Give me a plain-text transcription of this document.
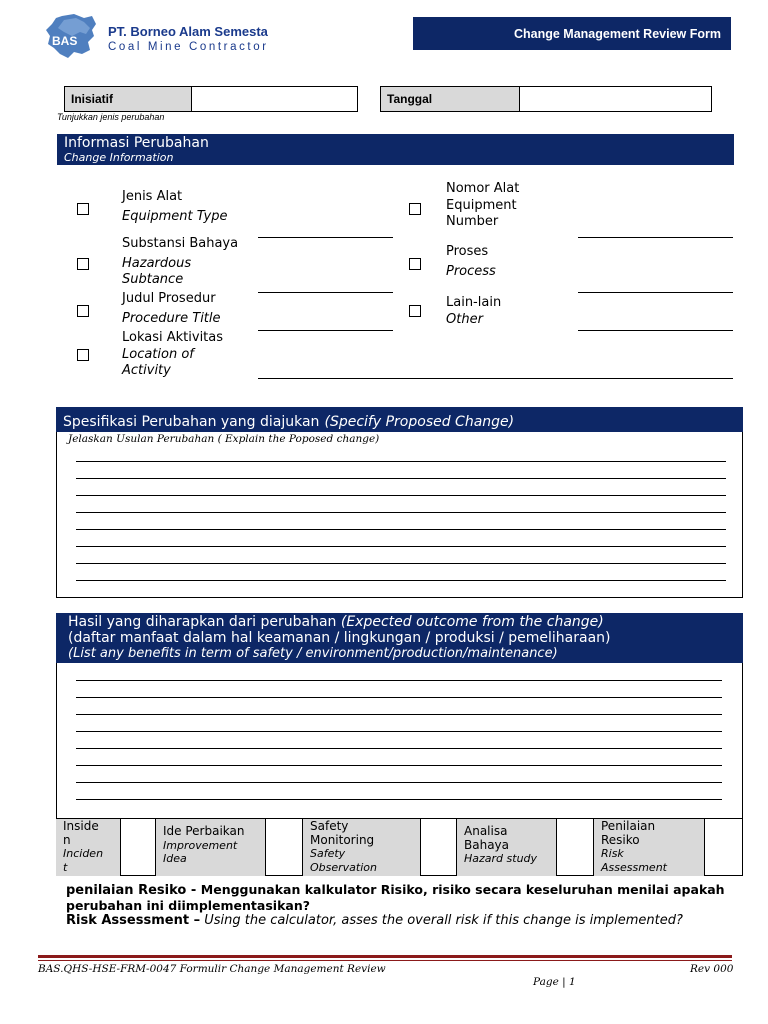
BAS
PT. Borneo Alam Semesta
Coal Mine Contractor
Change Management Review Form
Inisiatif	Tanggal
Tunjukkan jenis perubahan
Informasi Perubahan
Change Information
Jenis Alat
Equipment Type
Substansi Bahaya
Hazardous
Subtance
Judul Prosedur
Procedure Title
Lokasi Aktivitas
Location of
Activity
Nomor Alat
Equipment
Number
Proses
Process
Lain-lain
Other
Spesifikasi Perubahan yang diajukan (Specify Proposed Change)
Jelaskan Usulan Perubahan ( Explain the Poposed change)
Hasil yang diharapkan dari perubahan (Expected outcome from the change)
(daftar manfaat dalam hal keamanan / lingkungan / produksi / pemeliharaan)
(List any benefits in term of safety / environment/production/maintenance)
Inside
n
Inciden
t
Ide Perbaikan
Improvement
Idea
Safety
Monitoring
Safety
Observation
Analisa
Bahaya
Hazard study
Penilaian
Resiko
Risk
Assessment
penilaian Resiko - Menggunakan kalkulator Risiko, risiko secara keseluruhan menilai apakah perubahan ini diimplementasikan?
Risk Assessment – Using the calculator, asses the overall risk if this change is implemented?
BAS.QHS-HSE-FRM-0047 Formulir Change Management Review	Rev 000
Page | 1
